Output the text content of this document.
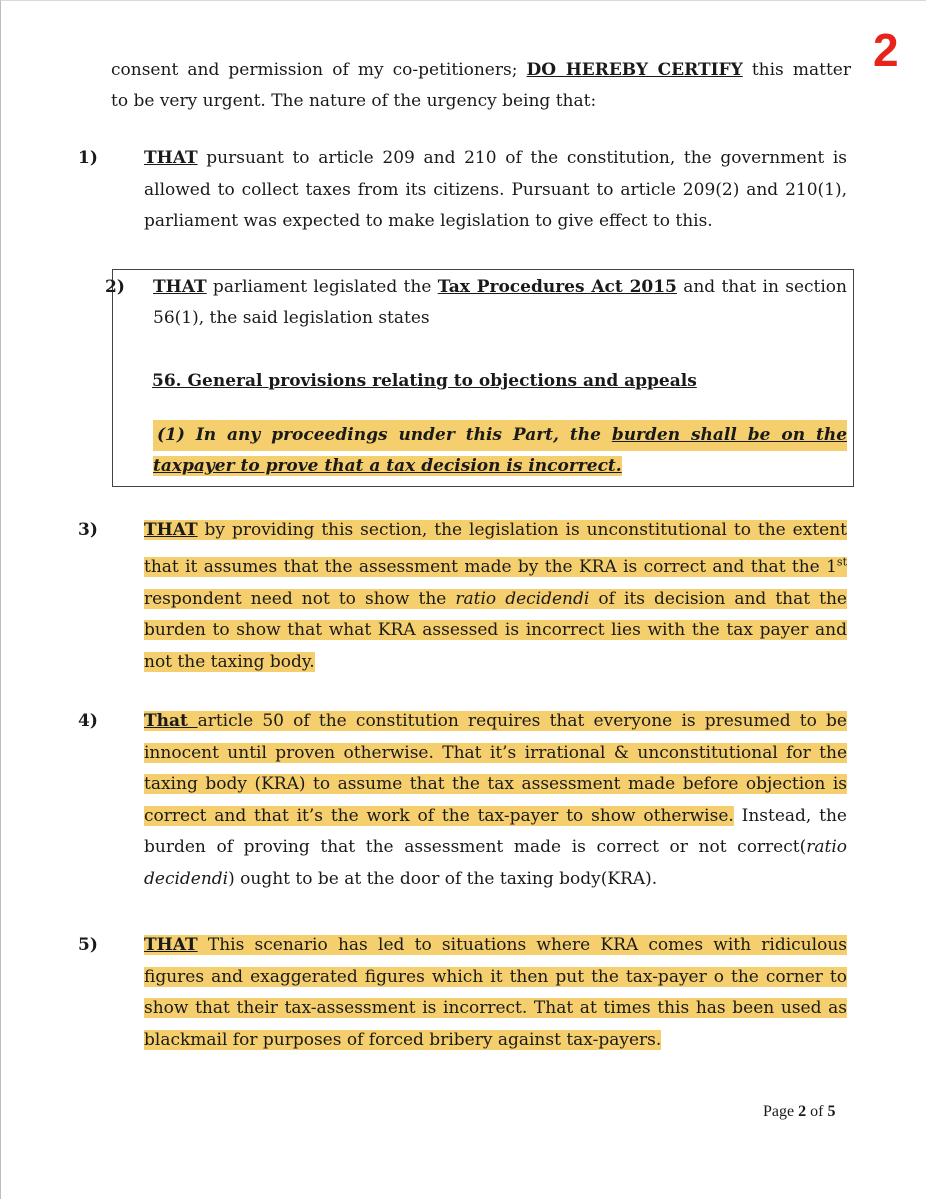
2

consent and permission of my co-petitioners; DO HEREBY CERTIFY this matter
to be very urgent. The nature of the urgency being that:

1)	THAT pursuant to article 209 and 210 of the constitution, the government is allowed to collect taxes from its citizens. Pursuant to article 209(2) and 210(1), parliament was expected to make legislation to give effect to this.

2) THAT parliament legislated the Tax Procedures Act 2015 and that in section 56(1), the said legislation states

56. General provisions relating to objections and appeals
(1) In any proceedings under this Part, the burden shall be on the
taxpayer to prove that a tax decision is incorrect.

3)	THAT by providing this section, the legislation is unconstitutional to the extent that it assumes that the assessment made by the KRA is correct and that the 1st respondent need not to show the ratio decidendi of its decision and that the burden to show that what KRA assessed is incorrect lies with the tax payer and not the taxing body.

4)	That article 50 of the constitution requires that everyone is presumed to be innocent until proven otherwise. That it’s irrational & unconstitutional for the taxing body (KRA) to assume that the tax assessment made before objection is correct and that it’s the work of the tax-payer to show otherwise. Instead, the burden of proving that the assessment made is correct or not correct(ratio decidendi) ought to be at the door of the taxing body(KRA).

5)	THAT This scenario has led to situations where KRA comes with ridiculous figures and exaggerated figures which it then put the tax-payer o the corner to show that their tax-assessment is incorrect. That at times this has been used as blackmail for purposes of forced bribery against tax-payers.

Page 2 of 5
